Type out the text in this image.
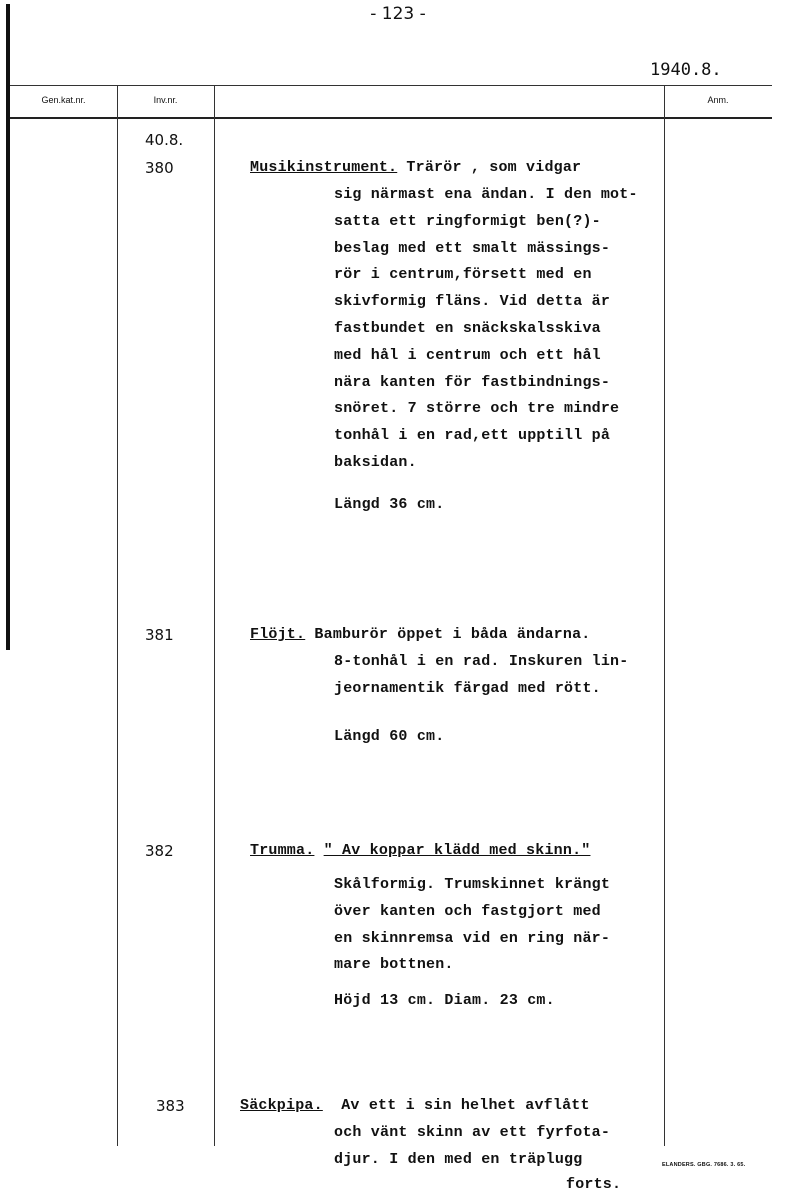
- 123 -
1940.8.
Gen.kat.nr.	Inv.nr.	Anm.
40.8.
380	Musikinstrument. Trärör , som vidgar
sig närmast ena ändan. I den mot-
satta ett ringformigt ben(?)-
beslag med ett smalt mässings-
rör i centrum,försett med en
skivformig fläns. Vid detta är
fastbundet en snäckskalsskiva
med hål i centrum och ett hål
nära kanten för fastbindnings-
snöret. 7 större och tre mindre
tonhål i en rad,ett upptill på
baksidan.
Längd 36 cm.
381	Flöjt. Bamburör öppet i båda ändarna.
8-tonhål i en rad. Inskuren lin-
jeornamentik färgad med rött.
Längd 60 cm.
382	Trumma. " Av koppar klädd med skinn."
Skålformig. Trumskinnet krängt
över kanten och fastgjort med
en skinnremsa vid en ring när-
mare bottnen.
Höjd 13 cm. Diam. 23 cm.
383	Säckpipa.  Av ett i sin helhet avflått
och vänt skinn av ett fyrfota-
djur. I den med en träplugg
forts.
ELANDERS. GBG. 7686. 3. 65.
